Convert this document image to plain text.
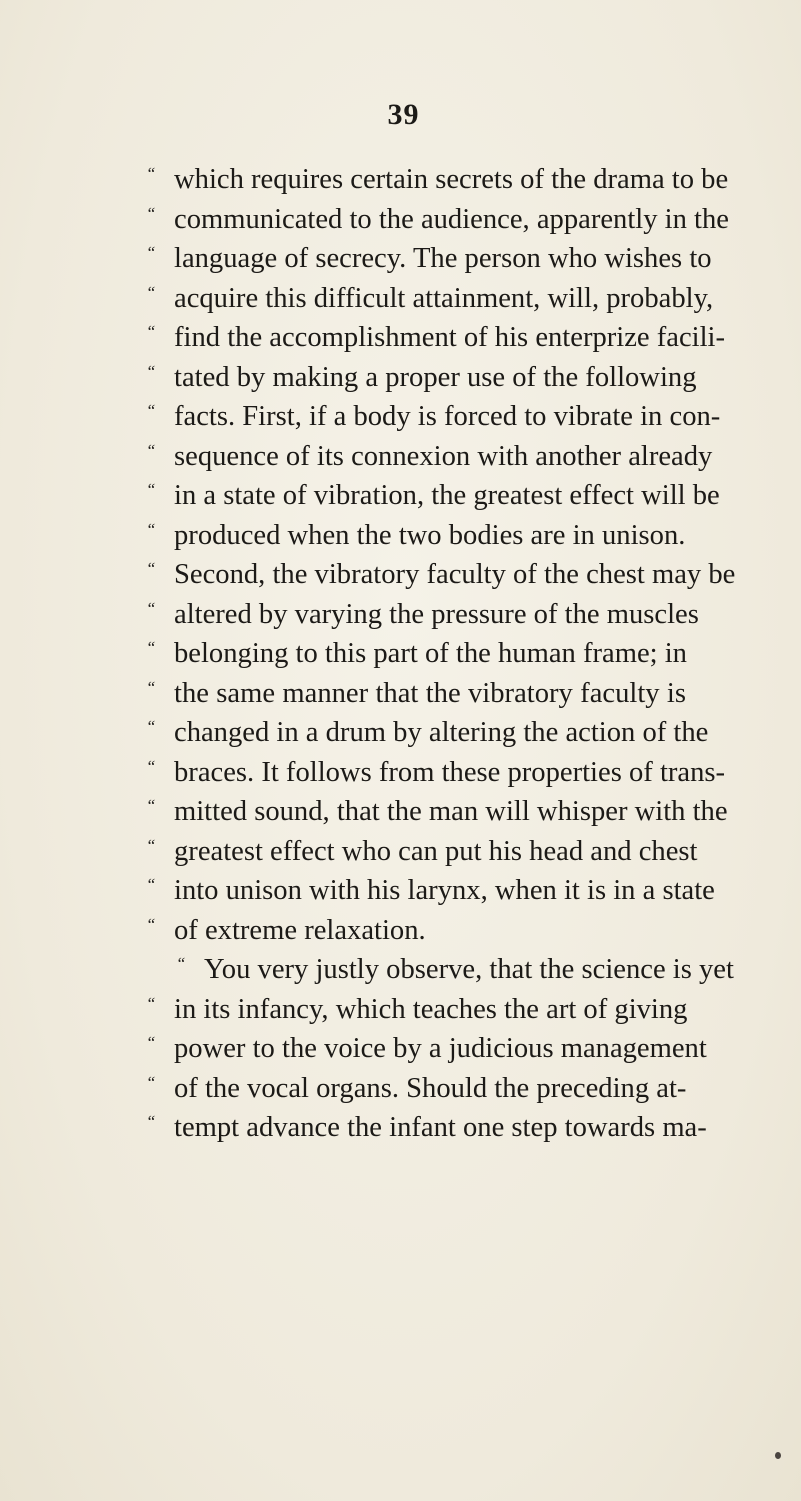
39
“ which requires certain secrets of the drama to be
“ communicated to the audience, apparently in the
“ language of secrecy. The person who wishes to
“ acquire this difficult attainment, will, probably,
“ find the accomplishment of his enterprize facili-
“ tated by making a proper use of the following
“ facts. First, if a body is forced to vibrate in con-
“ sequence of its connexion with another already
“ in a state of vibration, the greatest effect will be
“ produced when the two bodies are in unison.
“ Second, the vibratory faculty of the chest may be
“ altered by varying the pressure of the muscles
“ belonging to this part of the human frame; in
“ the same manner that the vibratory faculty is
“ changed in a drum by altering the action of the
“ braces. It follows from these properties of trans-
“ mitted sound, that the man will whisper with the
“ greatest effect who can put his head and chest
“ into unison with his larynx, when it is in a state
“ of extreme relaxation.
“ You very justly observe, that the science is yet
“ in its infancy, which teaches the art of giving
“ power to the voice by a judicious management
“ of the vocal organs. Should the preceding at-
“ tempt advance the infant one step towards ma-
